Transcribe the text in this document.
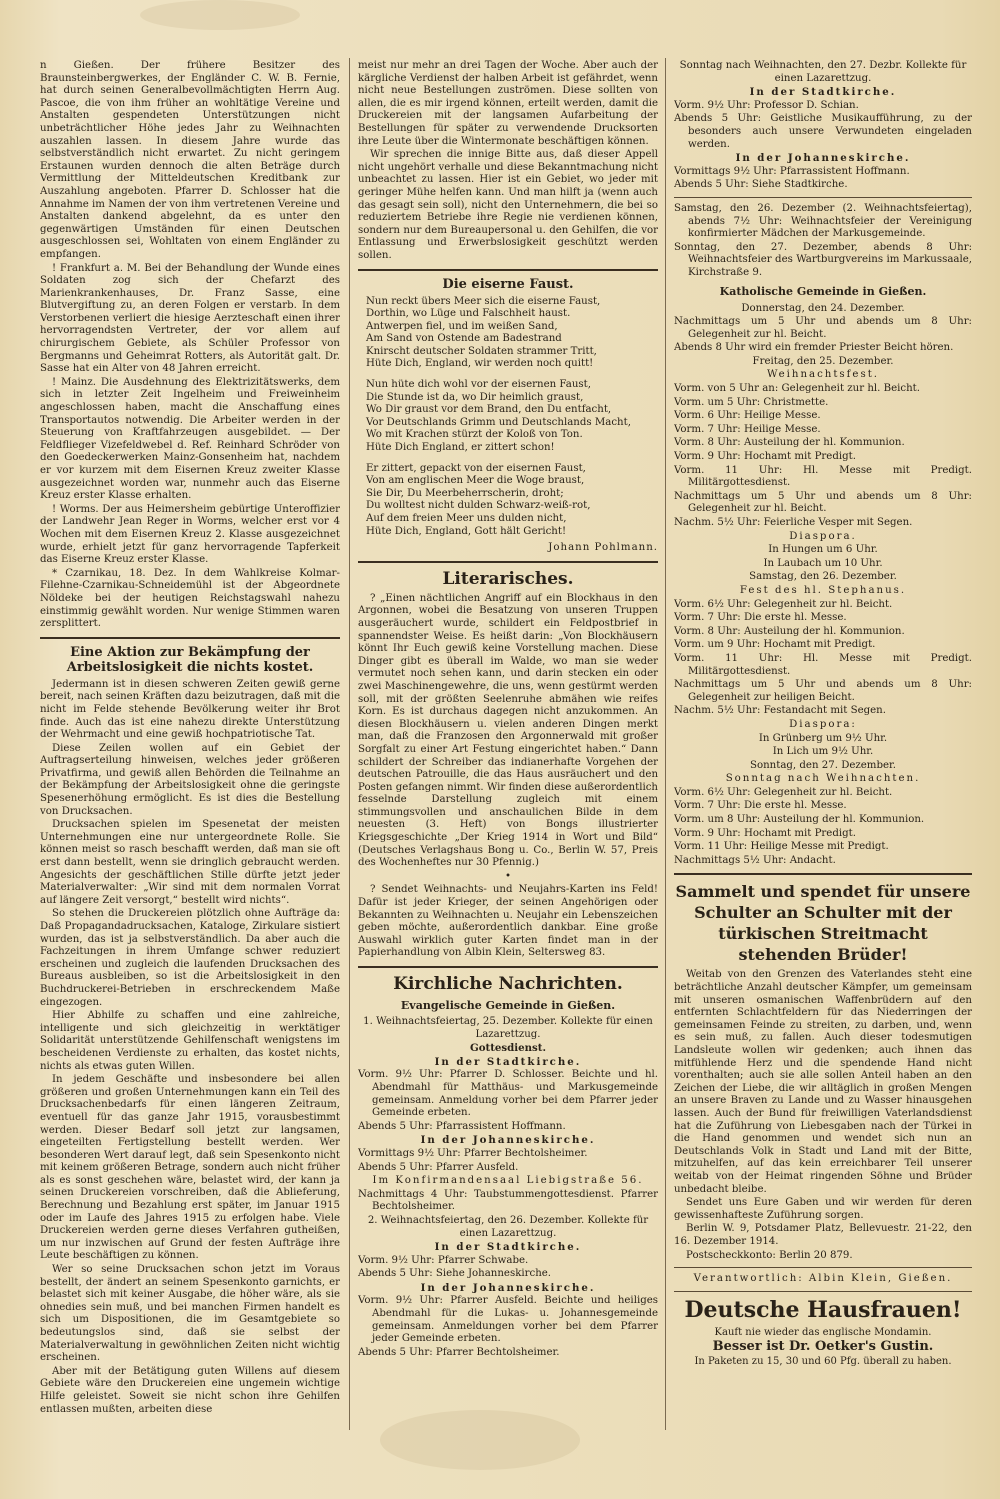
n Gießen. Der frühere Besitzer des Braunsteinbergwerkes, der Engländer C. W. B. Fernie, hat durch seinen Generalbevollmächtigten Herrn Aug. Pascoe, die von ihm früher an wohltätige Vereine und Anstalten gespendeten Unterstützungen nicht unbeträchtlicher Höhe jedes Jahr zu Weihnachten auszahlen lassen. In diesem Jahre wurde das selbstverständlich nicht erwartet. Zu nicht geringem Erstaunen wurden dennoch die alten Beträge durch Vermittlung der Mitteldeutschen Kreditbank zur Auszahlung angeboten. Pfarrer D. Schlosser hat die Annahme im Namen der von ihm vertretenen Vereine und Anstalten dankend abgelehnt, da es unter den gegenwärtigen Umständen für einen Deutschen ausgeschlossen sei, Wohltaten von einem Engländer zu empfangen.

! Frankfurt a. M. Bei der Behandlung der Wunde eines Soldaten zog sich der Chefarzt des Marienkrankenhauses, Dr. Franz Sasse, eine Blutvergiftung zu, an deren Folgen er verstarb. In dem Verstorbenen verliert die hiesige Aerzteschaft einen ihrer hervorragendsten Vertreter, der vor allem auf chirurgischem Gebiete, als Schüler Professor von Bergmanns und Geheimrat Rotters, als Autorität galt. Dr. Sasse hat ein Alter von 48 Jahren erreicht.

! Mainz. Die Ausdehnung des Elektrizitätswerks, dem sich in letzter Zeit Ingelheim und Freiweinheim angeschlossen haben, macht die Anschaffung eines Transportautos notwendig. Die Arbeiter werden in der Steuerung von Kraftfahrzeugen ausgebildet. — Der Feldflieger Vizefeldwebel d. Ref. Reinhard Schröder von den Goedeckerwerken Mainz-Gonsenheim hat, nachdem er vor kurzem mit dem Eisernen Kreuz zweiter Klasse ausgezeichnet worden war, nunmehr auch das Eiserne Kreuz erster Klasse erhalten.

! Worms. Der aus Heimersheim gebürtige Unteroffizier der Landwehr Jean Reger in Worms, welcher erst vor 4 Wochen mit dem Eisernen Kreuz 2. Klasse ausgezeichnet wurde, erhielt jetzt für ganz hervorragende Tapferkeit das Eiserne Kreuz erster Klasse.

* Czarnikau, 18. Dez. In dem Wahlkreise Kolmar-Filehne-Czarnikau-Schneidemühl ist der Abgeordnete Nöldeke bei der heutigen Reichstagswahl nahezu einstimmig gewählt worden. Nur wenige Stimmen waren zersplittert.

Eine Aktion zur Bekämpfung der Arbeitslosigkeit die nichts kostet.

Jedermann ist in diesen schweren Zeiten gewiß gerne bereit, nach seinen Kräften dazu beizutragen, daß mit die nicht im Felde stehende Bevölkerung weiter ihr Brot finde. Auch das ist eine nahezu direkte Unterstützung der Wehrmacht und eine gewiß hochpatriotische Tat.

Diese Zeilen wollen auf ein Gebiet der Auftragserteilung hinweisen, welches jeder größeren Privatfirma, und gewiß allen Behörden die Teilnahme an der Bekämpfung der Arbeitslosigkeit ohne die geringste Spesenerhöhung ermöglicht. Es ist dies die Bestellung von Drucksachen.

Drucksachen spielen im Spesenetat der meisten Unternehmungen eine nur untergeordnete Rolle. Sie können meist so rasch beschafft werden, daß man sie oft erst dann bestellt, wenn sie dringlich gebraucht werden. Angesichts der geschäftlichen Stille dürfte jetzt jeder Materialverwalter: „Wir sind mit dem normalen Vorrat auf längere Zeit versorgt,“ bestellt wird nichts“.

So stehen die Druckereien plötzlich ohne Aufträge da: Daß Propagandadrucksachen, Kataloge, Zirkulare sistiert wurden, das ist ja selbstverständlich. Da aber auch die Fachzeitungen in ihrem Umfange schwer reduziert erscheinen und zugleich die laufenden Drucksachen des Bureaus ausbleiben, so ist die Arbeitslosigkeit in den Buchdruckerei-Betrieben in erschreckendem Maße eingezogen.

Hier Abhilfe zu schaffen und eine zahlreiche, intelligente und sich gleichzeitig in werktätiger Solidarität unterstützende Gehilfenschaft wenigstens im bescheidenen Verdienste zu erhalten, das kostet nichts, nichts als etwas guten Willen.

In jedem Geschäfte und insbesondere bei allen größeren und großen Unternehmungen kann ein Teil des Drucksachenbedarfs für einen längeren Zeitraum, eventuell für das ganze Jahr 1915, vorausbestimmt werden. Dieser Bedarf soll jetzt zur langsamen, eingeteilten Fertigstellung bestellt werden. Wer besonderen Wert darauf legt, daß sein Spesenkonto nicht mit keinem größeren Betrage, sondern auch nicht früher als es sonst geschehen wäre, belastet wird, der kann ja seinen Druckereien vorschreiben, daß die Ablieferung, Berechnung und Bezahlung erst später, im Januar 1915 oder im Laufe des Jahres 1915 zu erfolgen habe. Viele Druckereien werden gerne dieses Verfahren gutheißen, um nur inzwischen auf Grund der festen Aufträge ihre Leute beschäftigen zu können.

Wer so seine Drucksachen schon jetzt im Voraus bestellt, der ändert an seinem Spesenkonto garnichts, er belastet sich mit keiner Ausgabe, die höher wäre, als sie ohnedies sein muß, und bei manchen Firmen handelt es sich um Dispositionen, die im Gesamtgebiete so bedeutungslos sind, daß sie selbst der Materialverwaltung in gewöhnlichen Zeiten nicht wichtig erscheinen.

Aber mit der Betätigung guten Willens auf diesem Gebiete wäre den Druckereien eine ungemein wichtige Hilfe geleistet. Soweit sie nicht schon ihre Gehilfen entlassen mußten, arbeiten diese

meist nur mehr an drei Tagen der Woche. Aber auch der kärgliche Verdienst der halben Arbeit ist gefährdet, wenn nicht neue Bestellungen zuströmen. Diese sollten von allen, die es mir irgend können, erteilt werden, damit die Druckereien mit der langsamen Aufarbeitung der Bestellungen für später zu verwendende Drucksorten ihre Leute über die Wintermonate beschäftigen können.

Wir sprechen die innige Bitte aus, daß dieser Appell nicht ungehört verhalle und diese Bekanntmachung nicht unbeachtet zu lassen. Hier ist ein Gebiet, wo jeder mit geringer Mühe helfen kann. Und man hilft ja (wenn auch das gesagt sein soll), nicht den Unternehmern, die bei so reduziertem Betriebe ihre Regie nie verdienen können, sondern nur dem Bureaupersonal u. den Gehilfen, die vor Entlassung und Erwerbslosigkeit geschützt werden sollen.

Die eiserne Faust.

Nun reckt übers Meer sich die eiserne Faust,

Dorthin, wo Lüge und Falschheit haust.

Antwerpen fiel, und im weißen Sand,

Am Sand von Ostende am Badestrand

Knirscht deutscher Soldaten strammer Tritt,

Hüte Dich, England, wir werden noch quitt!

Nun hüte dich wohl vor der eisernen Faust,

Die Stunde ist da, wo Dir heimlich graust,

Wo Dir graust vor dem Brand, den Du entfacht,

Vor Deutschlands Grimm und Deutschlands Macht,

Wo mit Krachen stürzt der Koloß von Ton.

Hüte Dich England, er zittert schon!

Er zittert, gepackt von der eisernen Faust,

Von am englischen Meer die Woge braust,

Sie Dir, Du Meerbeherrscherin, droht;

Du wolltest nicht dulden Schwarz-weiß-rot,

Auf dem freien Meer uns dulden nicht,

Hüte Dich, England, Gott hält Gericht!

Johann Pohlmann.
Literarisches.

? „Einen nächtlichen Angriff auf ein Blockhaus in den Argonnen, wobei die Besatzung von unseren Truppen ausgeräuchert wurde, schildert ein Feldpostbrief in spannendster Weise. Es heißt darin: „Von Blockhäusern könnt Ihr Euch gewiß keine Vorstellung machen. Diese Dinger gibt es überall im Walde, wo man sie weder vermutet noch sehen kann, und darin stecken ein oder zwei Maschinengewehre, die uns, wenn gestürmt werden soll, mit der größten Seelenruhe abmähen wie reifes Korn. Es ist durchaus dagegen nicht anzukommen. An diesen Blockhäusern u. vielen anderen Dingen merkt man, daß die Franzosen den Argonnerwald mit großer Sorgfalt zu einer Art Festung eingerichtet haben.“ Dann schildert der Schreiber das indianerhafte Vorgehen der deutschen Patrouille, die das Haus ausräuchert und den Posten gefangen nimmt. Wir finden diese außerordentlich fesselnde Darstellung zugleich mit einem stimmungsvollen und anschaulichen Bilde in dem neuesten (3. Heft) von Bongs illustrierter Kriegsgeschichte „Der Krieg 1914 in Wort und Bild“ (Deutsches Verlagshaus Bong u. Co., Berlin W. 57, Preis des Wochenheftes nur 30 Pfennig.)

•

? Sendet Weihnachts- und Neujahrs-Karten ins Feld! Dafür ist jeder Krieger, der seinen Angehörigen oder Bekannten zu Weihnachten u. Neujahr ein Lebenszeichen geben möchte, außerordentlich dankbar. Eine große Auswahl wirklich guter Karten findet man in der Papierhandlung von Albin Klein, Seltersweg 83.

Kirchliche Nachrichten.
Evangelische Gemeinde in Gießen.

1. Weihnachtsfeiertag, 25. Dezember. Kollekte für einen Lazarettzug.

Gottesdienst.

In der Stadtkirche.

Vorm. 9½ Uhr: Pfarrer D. Schlosser. Beichte und hl. Abendmahl für Matthäus- und Markusgemeinde gemeinsam. Anmeldung vorher bei dem Pfarrer jeder Gemeinde erbeten.

Abends 5 Uhr: Pfarrassistent Hoffmann.

In der Johanneskirche.

Vormittags 9½ Uhr: Pfarrer Bechtolsheimer.

Abends 5 Uhr: Pfarrer Ausfeld.

Im Konfirmandensaal Liebigstraße 56.

Nachmittags 4 Uhr: Taubstummengottesdienst. Pfarrer Bechtolsheimer.

2. Weihnachtsfeiertag, den 26. Dezember. Kollekte für einen Lazarettzug.

In der Stadtkirche.

Vorm. 9½ Uhr: Pfarrer Schwabe.

Abends 5 Uhr: Siehe Johanneskirche.

In der Johanneskirche.

Vorm. 9½ Uhr: Pfarrer Ausfeld. Beichte und heiliges Abendmahl für die Lukas- u. Johannesgemeinde gemeinsam. Anmeldungen vorher bei dem Pfarrer jeder Gemeinde erbeten.

Abends 5 Uhr: Pfarrer Bechtolsheimer.

Sonntag nach Weihnachten, den 27. Dezbr. Kollekte für einen Lazarettzug.

In der Stadtkirche.

Vorm. 9½ Uhr: Professor D. Schian.

Abends 5 Uhr: Geistliche Musikaufführung, zu der besonders auch unsere Verwundeten eingeladen werden.

In der Johanneskirche.

Vormittags 9½ Uhr: Pfarrassistent Hoffmann.

Abends 5 Uhr: Siehe Stadtkirche.

Samstag, den 26. Dezember (2. Weihnachtsfeiertag), abends 7½ Uhr: Weihnachtsfeier der Vereinigung konfirmierter Mädchen der Markusgemeinde.

Sonntag, den 27. Dezember, abends 8 Uhr: Weihnachtsfeier des Wartburgvereins im Markussaale, Kirchstraße 9.

Katholische Gemeinde in Gießen.

Donnerstag, den 24. Dezember.

Nachmittags um 5 Uhr und abends um 8 Uhr: Gelegenheit zur hl. Beicht.

Abends 8 Uhr wird ein fremder Priester Beicht hören.

Freitag, den 25. Dezember.

Weihnachtsfest.

Vorm. von 5 Uhr an: Gelegenheit zur hl. Beicht.

Vorm. um 5 Uhr: Christmette.

Vorm. 6 Uhr: Heilige Messe.

Vorm. 7 Uhr: Heilige Messe.

Vorm. 8 Uhr: Austeilung der hl. Kommunion.

Vorm. 9 Uhr: Hochamt mit Predigt.

Vorm. 11 Uhr: Hl. Messe mit Predigt. Militärgottesdienst.

Nachmittags um 5 Uhr und abends um 8 Uhr: Gelegenheit zur hl. Beicht.

Nachm. 5½ Uhr: Feierliche Vesper mit Segen.

Diaspora.

In Hungen um 6 Uhr.

In Laubach um 10 Uhr.

Samstag, den 26. Dezember.

Fest des hl. Stephanus.

Vorm. 6½ Uhr: Gelegenheit zur hl. Beicht.

Vorm. 7 Uhr: Die erste hl. Messe.

Vorm. 8 Uhr: Austeilung der hl. Kommunion.

Vorm. um 9 Uhr: Hochamt mit Predigt.

Vorm. 11 Uhr: Hl. Messe mit Predigt. Militärgottesdienst.

Nachmittags um 5 Uhr und abends um 8 Uhr: Gelegenheit zur heiligen Beicht.

Nachm. 5½ Uhr: Festandacht mit Segen.

Diaspora:

In Grünberg um 9½ Uhr.

In Lich um 9½ Uhr.

Sonntag, den 27. Dezember.

Sonntag nach Weihnachten.

Vorm. 6½ Uhr: Gelegenheit zur hl. Beicht.

Vorm. 7 Uhr: Die erste hl. Messe.

Vorm. um 8 Uhr: Austeilung der hl. Kommunion.

Vorm. 9 Uhr: Hochamt mit Predigt.

Vorm. 11 Uhr: Heilige Messe mit Predigt.

Nachmittags 5½ Uhr: Andacht.

Sammelt und spendet für unsere Schulter an Schulter mit der türkischen Streitmacht stehenden Brüder!

Weitab von den Grenzen des Vaterlandes steht eine beträchtliche Anzahl deutscher Kämpfer, um gemeinsam mit unseren osmanischen Waffenbrüdern auf den entfernten Schlachtfeldern für das Niederringen der gemeinsamen Feinde zu streiten, zu darben, und, wenn es sein muß, zu fallen. Auch dieser todesmutigen Landsleute wollen wir gedenken; auch ihnen das mitfühlende Herz und die spendende Hand nicht vorenthalten; auch sie alle sollen Anteil haben an den Zeichen der Liebe, die wir alltäglich in großen Mengen an unsere Braven zu Lande und zu Wasser hinausgehen lassen. Auch der Bund für freiwilligen Vaterlandsdienst hat die Zuführung von Liebesgaben nach der Türkei in die Hand genommen und wendet sich nun an Deutschlands Volk in Stadt und Land mit der Bitte, mitzuhelfen, auf das kein erreichbarer Teil unserer weitab von der Heimat ringenden Söhne und Brüder unbedacht bleibe.

Sendet uns Eure Gaben und wir werden für deren gewissenhafteste Zuführung sorgen.

Berlin W. 9, Potsdamer Platz, Bellevuestr. 21-22, den 16. Dezember 1914.

Postscheckkonto: Berlin 20 879.

Verantwortlich: Albin Klein, Gießen.

Deutsche Hausfrauen!

Kauft nie wieder das englische Mondamin.

Besser ist Dr. Oetker's Gustin.

In Paketen zu 15, 30 und 60 Pfg. überall zu haben.
